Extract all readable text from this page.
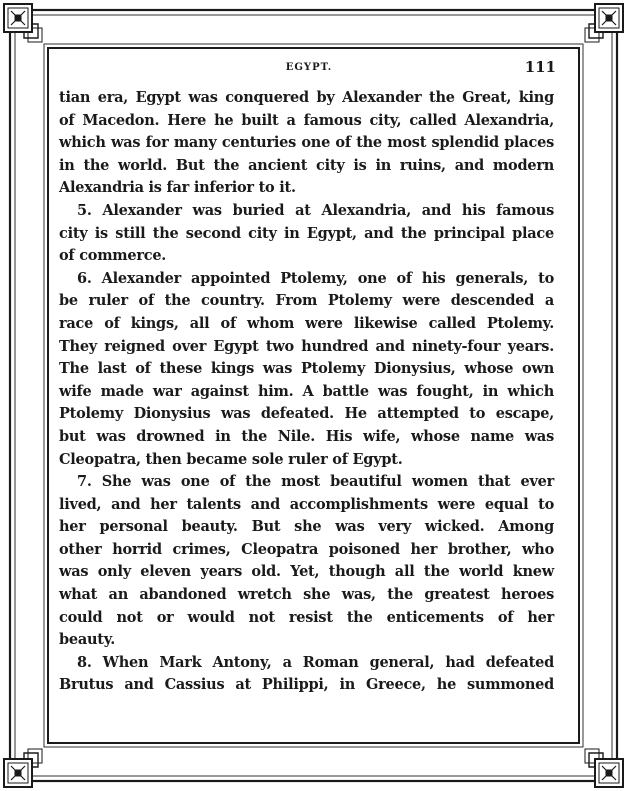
EGYPT.	111
tian era, Egypt was conquered by Alexander the Great, king
of Macedon. Here he built a famous city, called Alexandria,
which was for many centuries one of the most splendid places
in the world. But the ancient city is in ruins, and modern
Alexandria is far inferior to it.
5. Alexander was buried at Alexandria, and his famous
city is still the second city in Egypt, and the principal place
of commerce.
6. Alexander appointed Ptolemy, one of his generals, to
be ruler of the country. From Ptolemy were descended a
race of kings, all of whom were likewise called Ptolemy.
They reigned over Egypt two hundred and ninety-four years.
The last of these kings was Ptolemy Dionysius, whose own
wife made war against him. A battle was fought, in which
Ptolemy Dionysius was defeated. He attempted to escape,
but was drowned in the Nile. His wife, whose name was
Cleopatra, then became sole ruler of Egypt.
7. She was one of the most beautiful women that ever
lived, and her talents and accomplishments were equal to
her personal beauty. But she was very wicked. Among
other horrid crimes, Cleopatra poisoned her brother, who
was only eleven years old. Yet, though all the world knew
what an abandoned wretch she was, the greatest heroes
could not or would not resist the enticements of her
beauty.
8. When Mark Antony, a Roman general, had defeated
Brutus and Cassius at Philippi, in Greece, he summoned
